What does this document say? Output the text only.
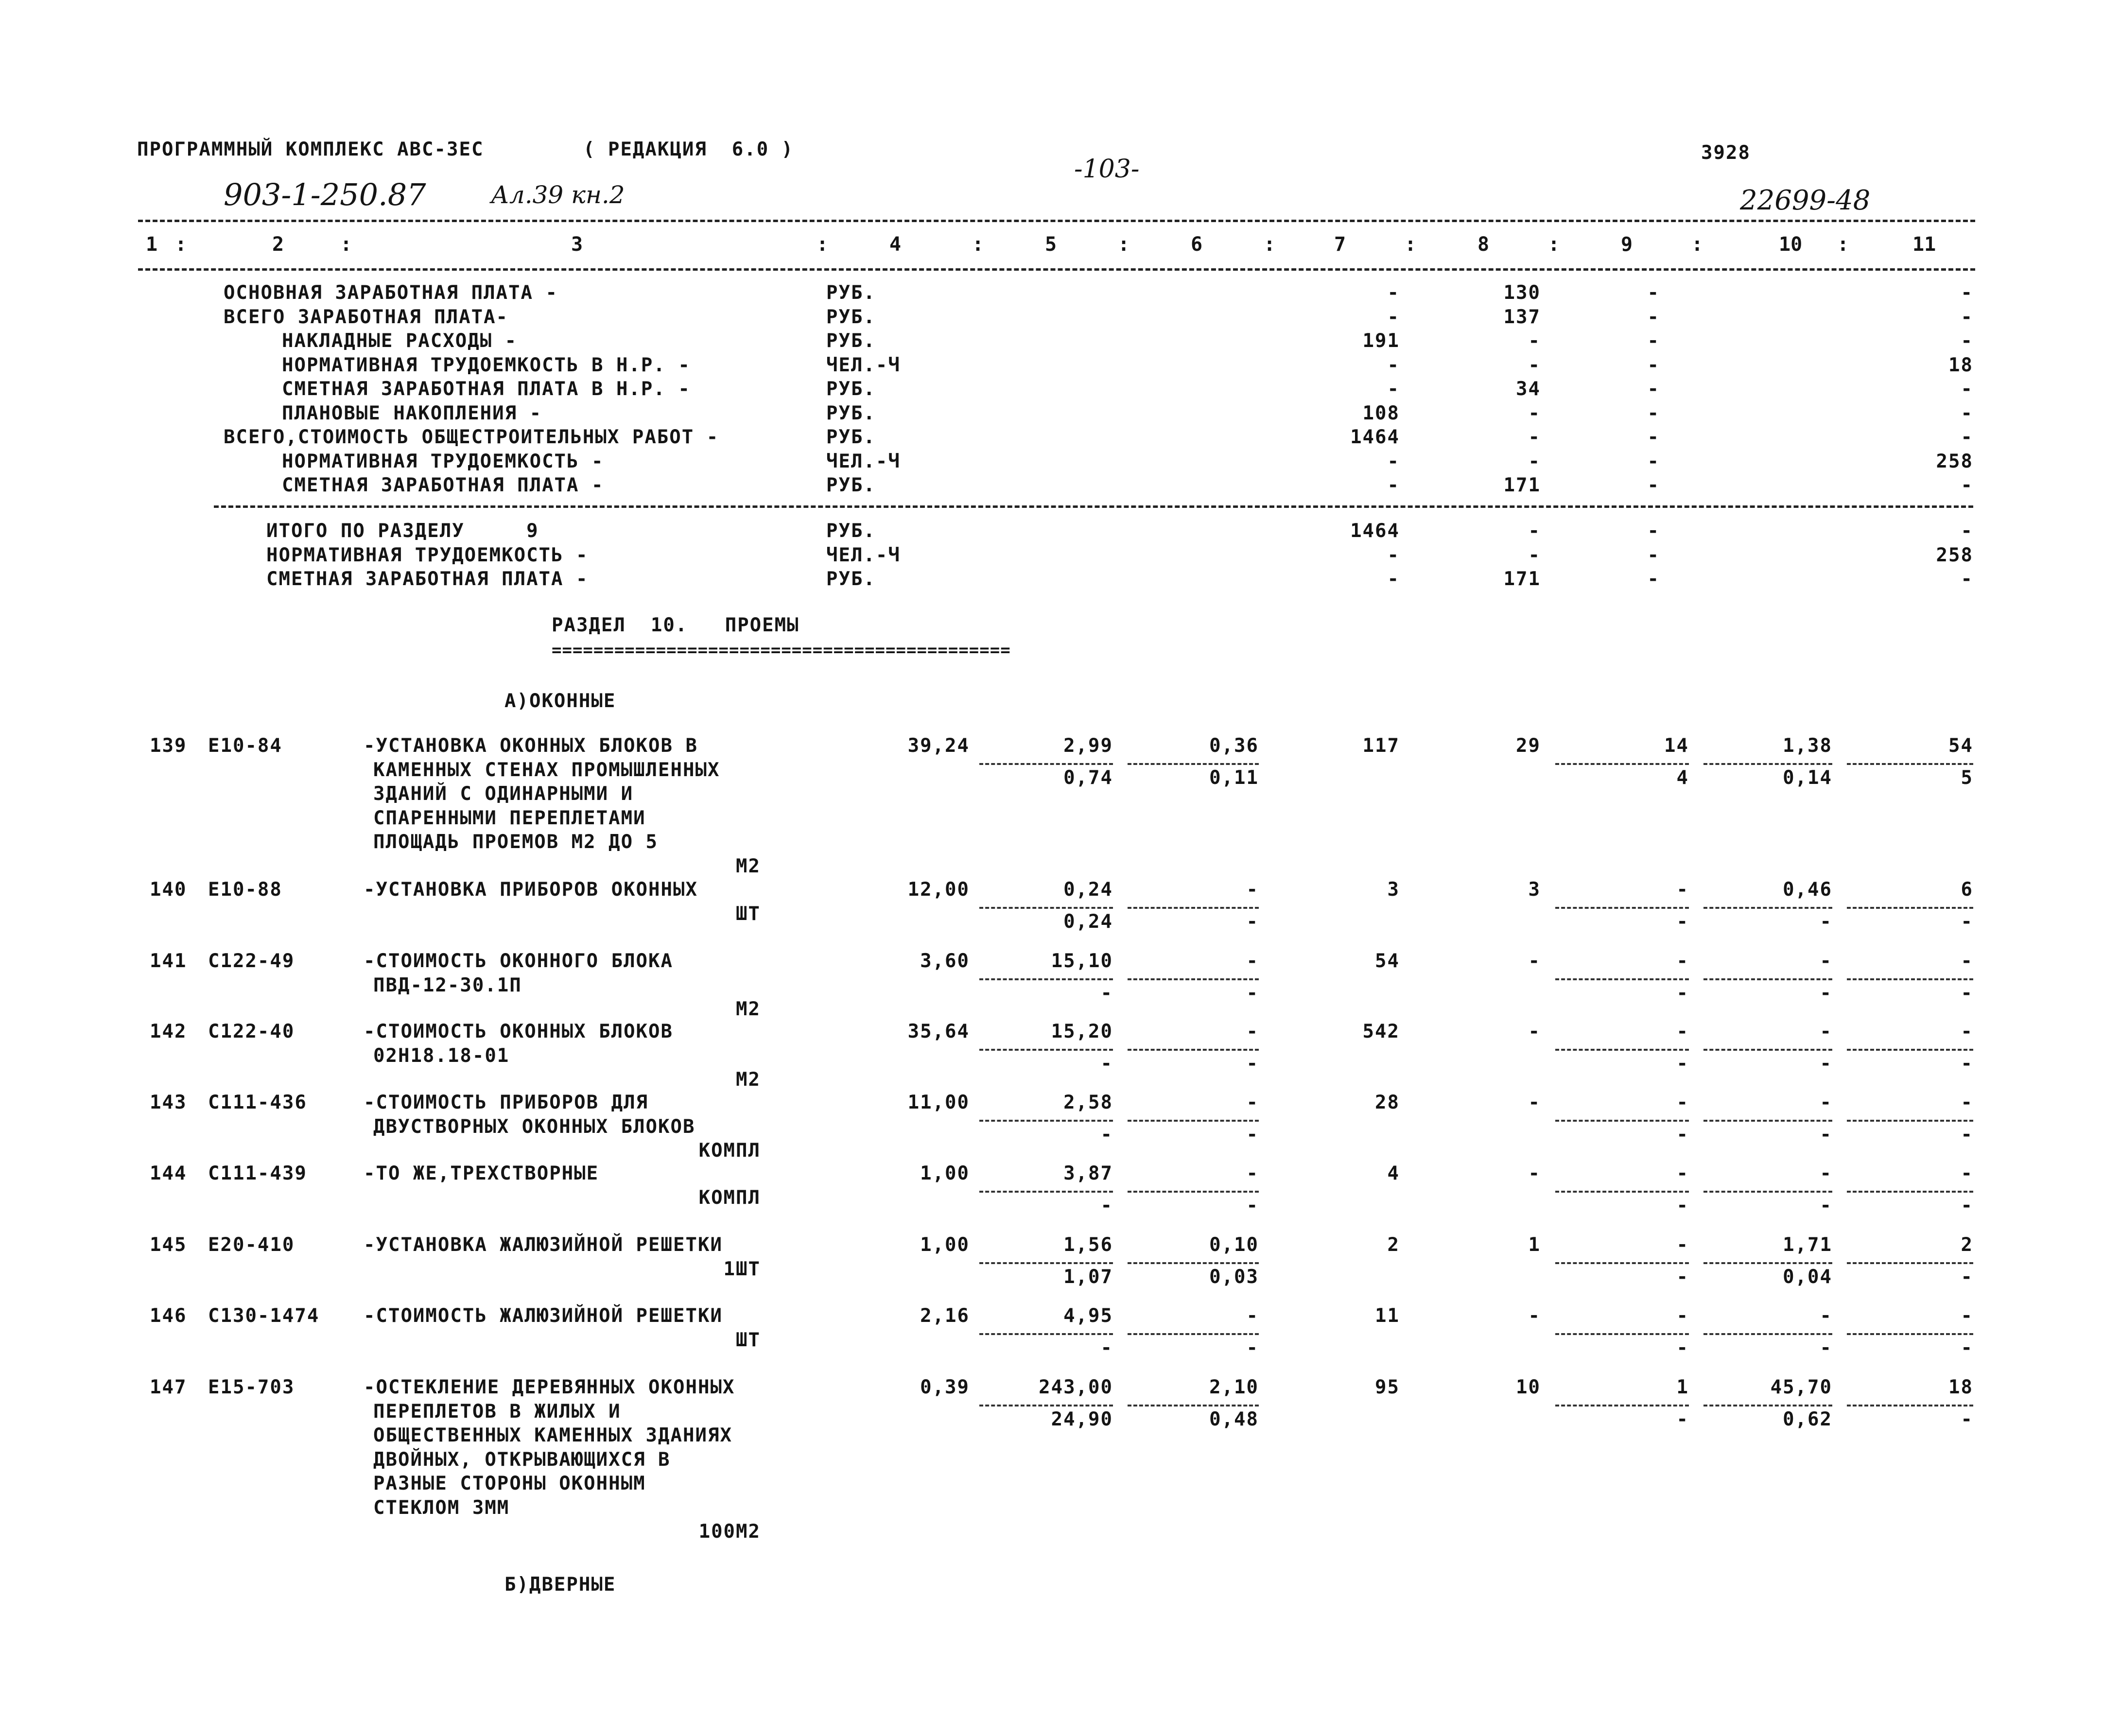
ПРОГРАММНЫЙ КОМПЛЕКС АВС-3ЕС	( РЕДАКЦИЯ  6.0 )
-103-
3928
903-1-250.87	Ал.39 кн.2	22699-48
1	2	3	4	5	6	7	8	9	10	11
:	:	:	:	:	:	:	:	:	:
ОСНОВНАЯ ЗАРАБОТНАЯ ПЛАТА -	РУБ.	-	130	-	-
ВСЕГО ЗАРАБОТНАЯ ПЛАТА-	РУБ.	-	137	-	-
НАКЛАДНЫЕ РАСХОДЫ -	РУБ.	191	-	-	-
НОРМАТИВНАЯ ТРУДОЕМКОСТЬ В Н.Р. -	ЧЕЛ.-Ч	-	-	-	18
СМЕТНАЯ ЗАРАБОТНАЯ ПЛАТА В Н.Р. -	РУБ.	-	34	-	-
ПЛАНОВЫЕ НАКОПЛЕНИЯ -	РУБ.	108	-	-	-
ВСЕГО,СТОИМОСТЬ ОБЩЕСТРОИТЕЛЬНЫХ РАБОТ -	РУБ.	1464	-	-	-
НОРМАТИВНАЯ ТРУДОЕМКОСТЬ -	ЧЕЛ.-Ч	-	-	-	258
СМЕТНАЯ ЗАРАБОТНАЯ ПЛАТА -	РУБ.	-	171	-	-
ИТОГО ПО РАЗДЕЛУ     9	РУБ.	1464	-	-	-
НОРМАТИВНАЯ ТРУДОЕМКОСТЬ -	ЧЕЛ.-Ч	-	-	-	258
СМЕТНАЯ ЗАРАБОТНАЯ ПЛАТА -	РУБ.	-	171	-	-
РАЗДЕЛ  10.   ПРОЕМЫ
============================================
А)ОКОННЫЕ
139 Е10-84	-УСТАНОВКА ОКОННЫХ БЛОКОВ В
КАМЕННЫХ СТЕНАХ ПРОМЫШЛЕННЫХ
ЗДАНИЙ С ОДИНАРНЫМИ И
СПАРЕННЫМИ ПЕРЕПЛЕТАМИ
ПЛОЩАДЬ ПРОЕМОВ М2 ДО 5
М2
39,24	2,99	0,36	117	29	14	1,38	54
0,74	0,11	4	0,14	5
140 Е10-88	-УСТАНОВКА ПРИБОРОВ ОКОННЫХ
ШТ
12,00	0,24	-	3	3	-	0,46	6
0,24	-	-	-	-
141 С122-49	-СТОИМОСТЬ ОКОННОГО БЛОКА
ПВД-12-30.1П
М2
3,60	15,10	-	54	-	-	-	-
-	-	-	-	-
142 С122-40	-СТОИМОСТЬ ОКОННЫХ БЛОКОВ
02Н18.18-01
М2
35,64	15,20	-	542	-	-	-	-
-	-	-	-	-
143 С111-436	-СТОИМОСТЬ ПРИБОРОВ ДЛЯ
ДВУСТВОРНЫХ ОКОННЫХ БЛОКОВ
КОМПЛ
11,00	2,58	-	28	-	-	-	-
-	-	-	-	-
144 С111-439	-ТО ЖЕ,ТРЕХСТВОРНЫЕ
КОМПЛ
1,00	3,87	-	4	-	-	-	-
-	-	-	-	-
145 Е20-410	-УСТАНОВКА ЖАЛЮЗИЙНОЙ РЕШЕТКИ
1ШТ
1,00	1,56	0,10	2	1	-	1,71	2
1,07	0,03	-	0,04	-
146 С130-1474 -СТОИМОСТЬ ЖАЛЮЗИЙНОЙ РЕШЕТКИ
ШТ
2,16	4,95	-	11	-	-	-	-
-	-	-	-	-
147 Е15-703	-ОСТЕКЛЕНИЕ ДЕРЕВЯННЫХ ОКОННЫХ
ПЕРЕПЛЕТОВ В ЖИЛЫХ И
ОБЩЕСТВЕННЫХ КАМЕННЫХ ЗДАНИЯХ
ДВОЙНЫХ, ОТКРЫВАЮЩИХСЯ В
РАЗНЫЕ СТОРОНЫ ОКОННЫМ
СТЕКЛОМ 3ММ
100М2
0,39	243,00	2,10	95	10	1	45,70	18
24,90	0,48	-	0,62	-
Б)ДВЕРНЫЕ
